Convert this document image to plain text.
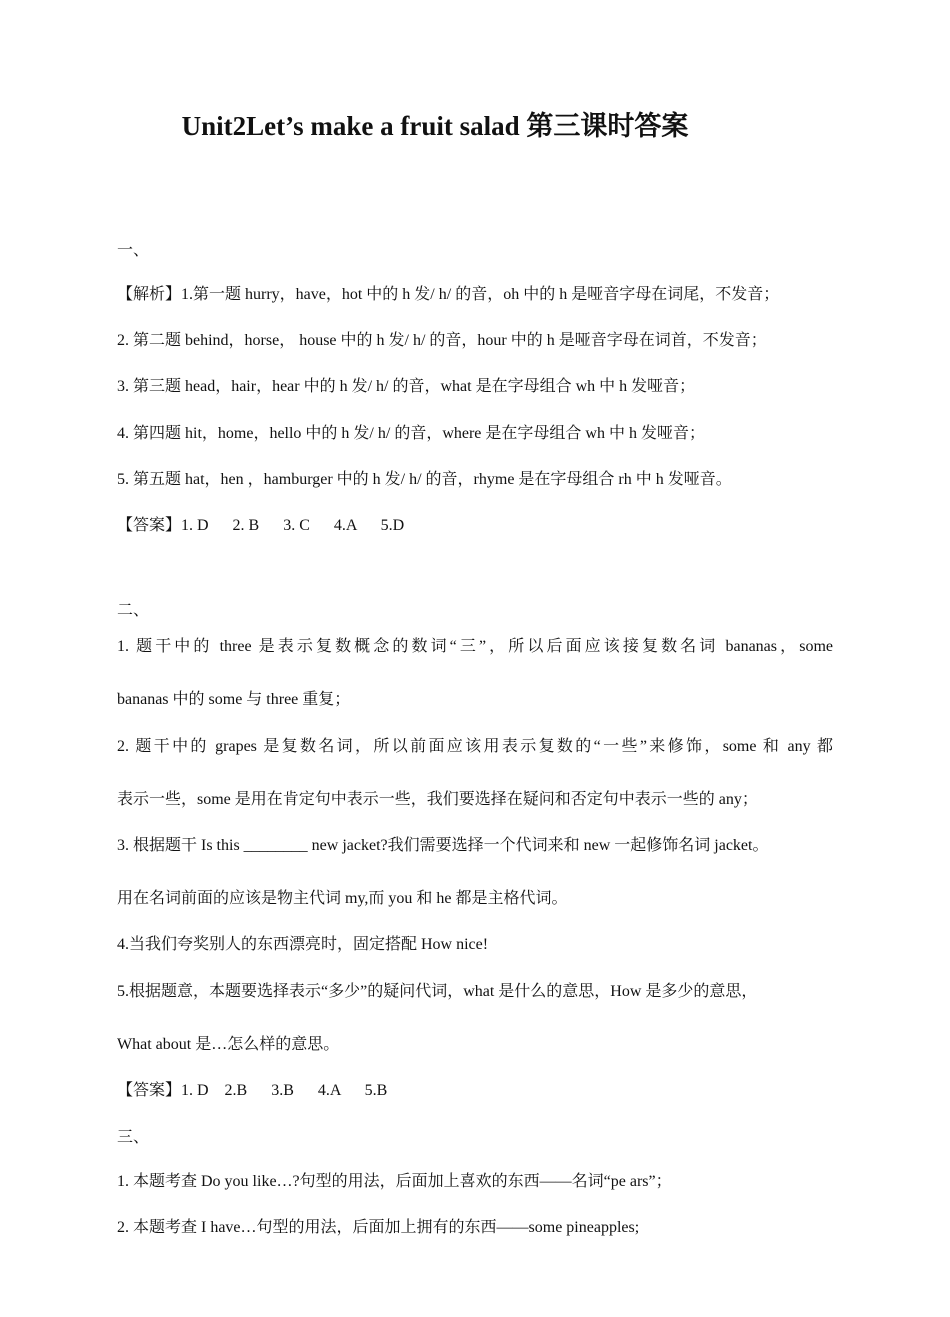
Unit2Let’s make a fruit salad 第三课时答案
一、
【解析】1.第一题 hurry，have，hot 中的 h 发/ h/ 的音，oh 中的 h 是哑音字母在词尾，不发音；
2. 第二题 behind，horse， house 中的 h 发/ h/ 的音，hour 中的 h 是哑音字母在词首，不发音；
3. 第三题 head，hair，hear 中的 h 发/ h/ 的音，what 是在字母组合 wh 中 h 发哑音；
4. 第四题 hit，home，hello 中的 h 发/ h/ 的音，where 是在字母组合 wh 中 h 发哑音；
5. 第五题 hat，hen ，hamburger 中的 h 发/ h/ 的音，rhyme 是在字母组合 rh 中 h 发哑音。
【答案】1. D      2. B      3. C      4.A      5.D
二、
1. 题干中的 three 是表示复数概念的数词“三”，所以后面应该接复数名词 bananas，some
bananas 中的 some 与 three 重复；
2. 题干中的 grapes 是复数名词，所以前面应该用表示复数的“一些”来修饰，some 和 any 都
表示一些，some 是用在肯定句中表示一些，我们要选择在疑问和否定句中表示一些的 any；
3. 根据题干 Is this ________ new jacket?我们需要选择一个代词来和 new 一起修饰名词 jacket。
用在名词前面的应该是物主代词 my,而 you 和 he 都是主格代词。
4.当我们夸奖别人的东西漂亮时，固定搭配 How nice!
5.根据题意，本题要选择表示“多少”的疑问代词，what 是什么的意思，How 是多少的意思，
What about 是…怎么样的意思。
【答案】1. D    2.B      3.B      4.A      5.B
三、
1. 本题考查 Do you like…?句型的用法，后面加上喜欢的东西——名词“pe ars”；
2. 本题考查 I have…句型的用法，后面加上拥有的东西——some pineapples;
